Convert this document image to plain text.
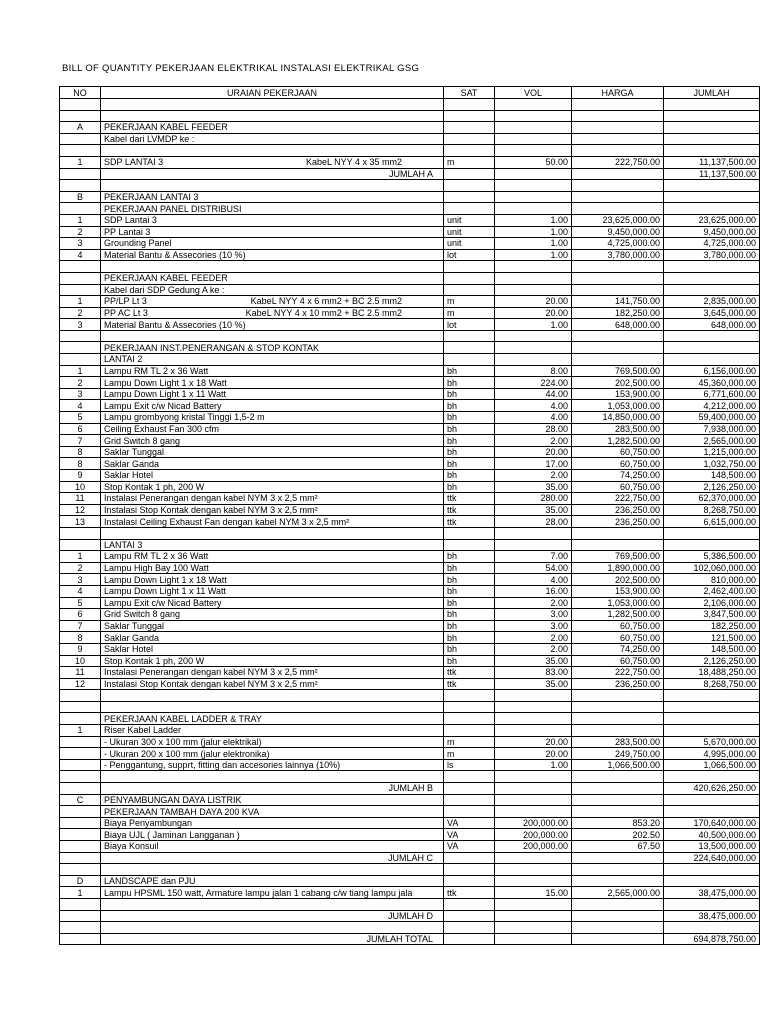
BILL OF QUANTITY PEKERJAAN ELEKTRIKAL INSTALASI ELEKTRIKAL GSG
NO	URAIAN PEKERJAAN	SAT	VOL	HARGA	JUMLAH

A	PEKERJAAN KABEL FEEDER				
	Kabel dari LVMDP ke :				

1	SDP LANTAI 3 KabeL NYY 4 x 35 mm2	m	50.00	222,750.00	11,137,500.00
	JUMLAH A				11,137,500.00

B	PEKERJAAN LANTAI 3				
	PEKERJAAN PANEL DISTRIBUSI				
1	SDP Lantai 3	unit	1.00	23,625,000.00	23,625,000.00
2	PP Lantai 3	unit	1.00	9,450,000.00	9,450,000.00
3	Grounding Panel	unit	1.00	4,725,000.00	4,725,000.00
4	Material Bantu & Assecories (10 %)	lot	1.00	3,780,000.00	3,780,000.00

	PEKERJAAN KABEL FEEDER				
	Kabel dari SDP Gedung A ke :				
1	PP/LP Lt 3 KabeL NYY 4 x 6 mm2 + BC 2.5 mm2	m	20.00	141,750.00	2,835,000.00
2	PP AC Lt 3 KabeL NYY 4 x 10 mm2 + BC 2.5 mm2	m	20.00	182,250.00	3,645,000.00
3	Material Bantu & Assecories (10 %)	lot	1.00	648,000.00	648,000.00

	PEKERJAAN INST.PENERANGAN & STOP KONTAK				
	LANTAI 2				
1	Lampu RM TL 2 x 36 Watt	bh	8.00	769,500.00	6,156,000.00
2	Lampu Down Light 1 x 18 Watt	bh	224.00	202,500.00	45,360,000.00
3	Lampu Down Light 1 x 11 Watt	bh	44.00	153,900.00	6,771,600.00
4	Lampu Exit c/w Nicad Battery	bh	4.00	1,053,000.00	4,212,000.00
5	Lampu grombyong kristal Tinggi 1,5-2 m	bh	4.00	14,850,000.00	59,400,000.00
6	Ceiling Exhaust Fan 300 cfm	bh	28.00	283,500.00	7,938,000.00
7	Grid Switch 8 gang	bh	2.00	1,282,500.00	2,565,000.00
8	Saklar Tunggal	bh	20.00	60,750.00	1,215,000.00
8	Saklar Ganda	bh	17.00	60,750.00	1,032,750.00
9	Saklar Hotel	bh	2.00	74,250.00	148,500.00
10	Stop Kontak 1 ph, 200 W	bh	35.00	60,750.00	2,126,250.00
11	Instalasi Penerangan dengan kabel NYM 3 x 2,5 mm²	ttk	280.00	222,750.00	62,370,000.00
12	Instalasi Stop Kontak dengan kabel NYM 3 x 2,5 mm²	ttk	35.00	236,250.00	8,268,750.00
13	Instalasi Ceiling Exhaust Fan dengan kabel NYM 3 x 2,5 mm²	ttk	28.00	236,250.00	6,615,000.00

	LANTAI 3				
1	Lampu RM TL 2 x 36 Watt	bh	7.00	769,500.00	5,386,500.00
2	Lampu High Bay 100 Watt	bh	54.00	1,890,000.00	102,060,000.00
3	Lampu Down Light 1 x 18 Watt	bh	4.00	202,500.00	810,000.00
4	Lampu Down Light 1 x 11 Watt	bh	16.00	153,900.00	2,462,400.00
5	Lampu Exit c/w Nicad Battery	bh	2.00	1,053,000.00	2,106,000.00
6	Grid Switch 8 gang	bh	3.00	1,282,500.00	3,847,500.00
7	Saklar Tunggal	bh	3.00	60,750.00	182,250.00
8	Saklar Ganda	bh	2.00	60,750.00	121,500.00
9	Saklar Hotel	bh	2.00	74,250.00	148,500.00
10	Stop Kontak 1 ph, 200 W	bh	35.00	60,750.00	2,126,250.00
11	Instalasi Penerangan dengan kabel NYM 3 x 2,5 mm²	ttk	83.00	222,750.00	18,488,250.00
12	Instalasi Stop Kontak dengan kabel NYM 3 x 2,5 mm²	ttk	35.00	236,250.00	8,268,750.00

	PEKERJAAN KABEL LADDER & TRAY				
1	Riser Kabel Ladder				
	- Ukuran 300 x 100 mm (jalur elektrikal)	m	20.00	283,500.00	5,670,000.00
	- Ukuran 200 x 100 mm (jalur elektronika)	m	20.00	249,750.00	4,995,000.00
	- Penggantung, supprt, fitting dan accesories lainnya (10%)	ls	1.00	1,066,500.00	1,066,500.00

	JUMLAH B				420,626,250.00
C	PENYAMBUNGAN DAYA LISTRIK				
	PEKERJAAN TAMBAH DAYA 200 KVA				
	Biaya Penyambungan	VA	200,000.00	853.20	170,640,000.00
	Biaya UJL ( Jaminan Langganan )	VA	200,000.00	202.50	40,500,000.00
	Biaya Konsuil	VA	200,000.00	67.50	13,500,000.00
	JUMLAH C				224,640,000.00

D	LANDSCAPE dan PJU				
1	Lampu HPSML 150 watt, Armature lampu jalan 1 cabang c/w tiang lampu jala	ttk	15.00	2,565,000.00	38,475,000.00

	JUMLAH D				38,475,000.00

	JUMLAH TOTAL				694,878,750.00
